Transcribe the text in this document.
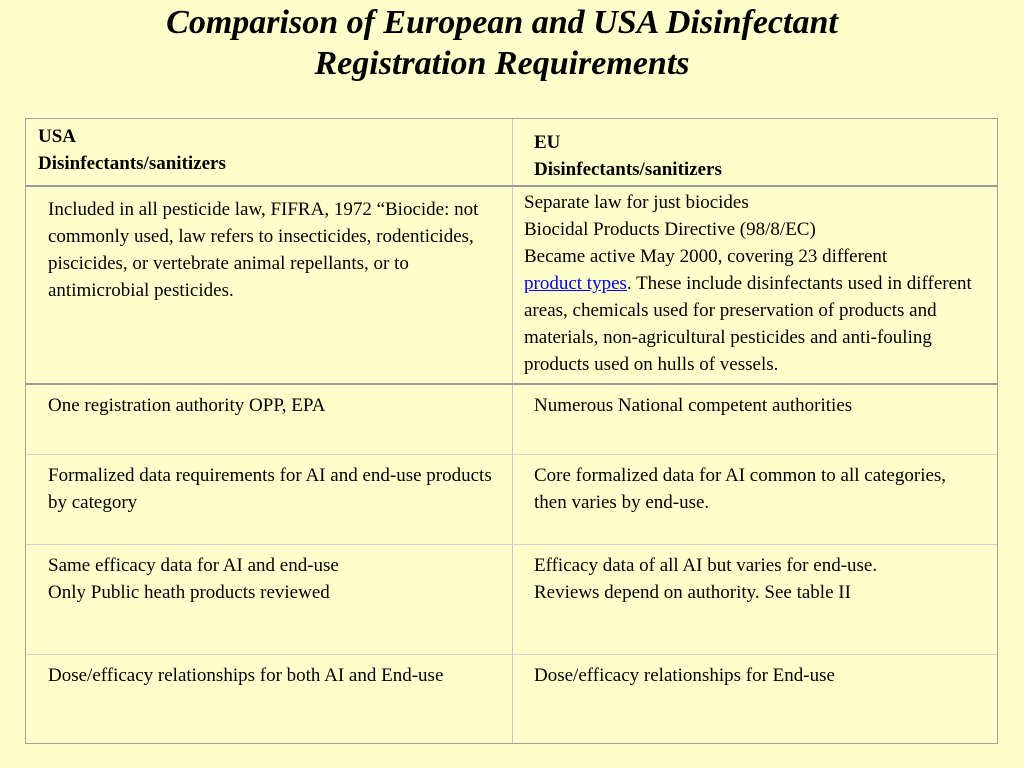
Comparison of European and USA Disinfectant
Registration Requirements
USA
Disinfectants/sanitizers
EU
Disinfectants/sanitizers
Included in all pesticide law, FIFRA, 1972 “Biocide: not commonly used, law refers to insecticides, rodenticides, piscicides, or vertebrate animal repellants, or to antimicrobial pesticides.
Separate law for just biocides
Biocidal Products Directive (98/8/EC)
Became active May 2000, covering 23 different
product types. These include disinfectants used in different areas, chemicals used for preservation of products and materials, non-agricultural pesticides and anti-fouling products used on hulls of vessels.
One registration authority OPP, EPA	Numerous National competent authorities
Formalized data requirements for AI and end-use products by category
Core formalized data for AI common to all categories, then varies by end-use.
Same efficacy data for AI and end-use
Only Public heath products reviewed
Efficacy data of all AI but varies for end-use.
Reviews depend on authority. See table II
Dose/efficacy relationships for both AI and End-use	Dose/efficacy relationships for End-use
